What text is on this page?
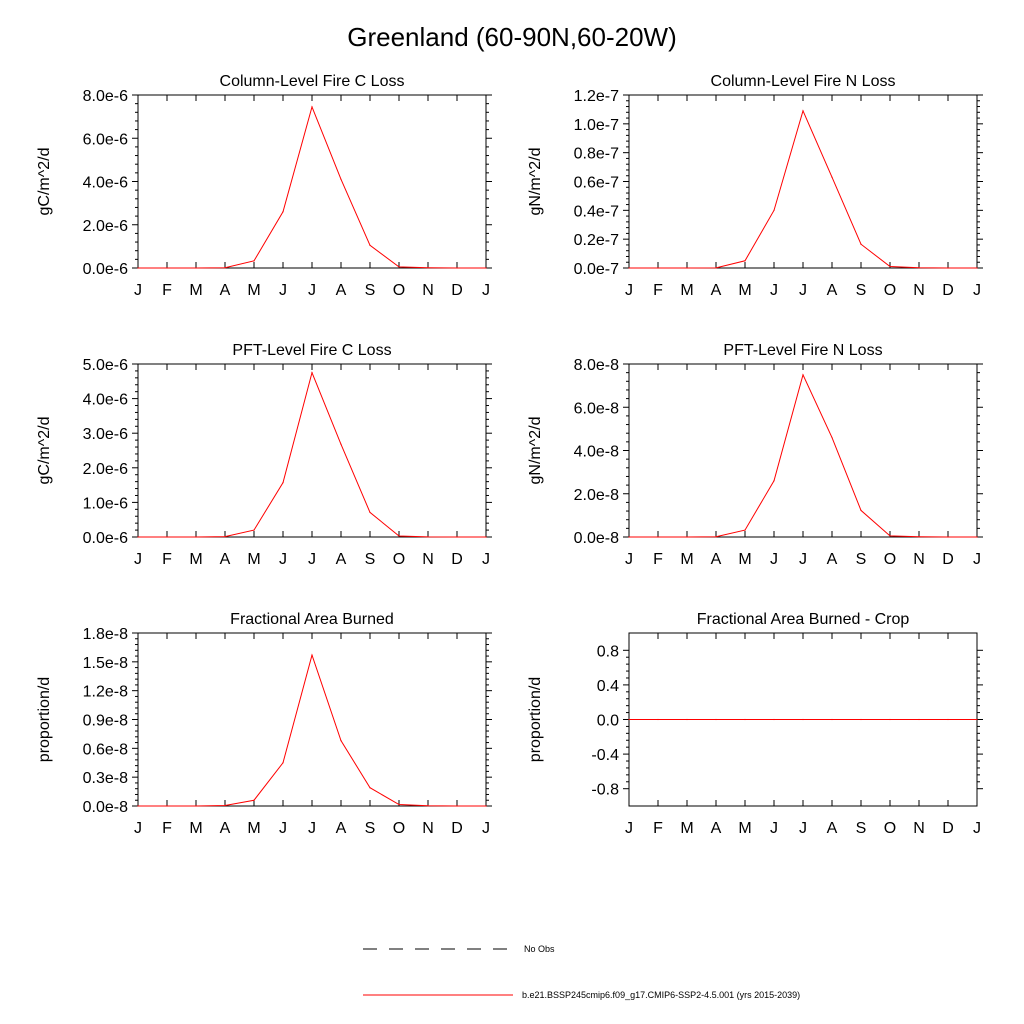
Greenland (60-90N,60-20W)
Column-Level Fire C Loss
gC/m^2/d
J F M A M J J A S O N D J
0.0e-6
2.0e-6
4.0e-6
6.0e-6
8.0e-6
Column-Level Fire N Loss
gN/m^2/d
J F M A M J J A S O N D J
0.0e-7
0.2e-7
0.4e-7
0.6e-7
0.8e-7
1.0e-7
1.2e-7
PFT-Level Fire C Loss
gC/m^2/d
J F M A M J J A S O N D J
0.0e-6
1.0e-6
2.0e-6
3.0e-6
4.0e-6
5.0e-6
PFT-Level Fire N Loss
gN/m^2/d
J F M A M J J A S O N D J
0.0e-8
2.0e-8
4.0e-8
6.0e-8
8.0e-8
Fractional Area Burned
proportion/d
J F M A M J J A S O N D J
0.0e-8
0.3e-8
0.6e-8
0.9e-8
1.2e-8
1.5e-8
1.8e-8
Fractional Area Burned - Crop
proportion/d
J F M A M J J A S O N D J
-0.8
-0.4
0.0
0.4
0.8
No Obs
b.e21.BSSP245cmip6.f09_g17.CMIP6-SSP2-4.5.001 (yrs 2015-2039)
